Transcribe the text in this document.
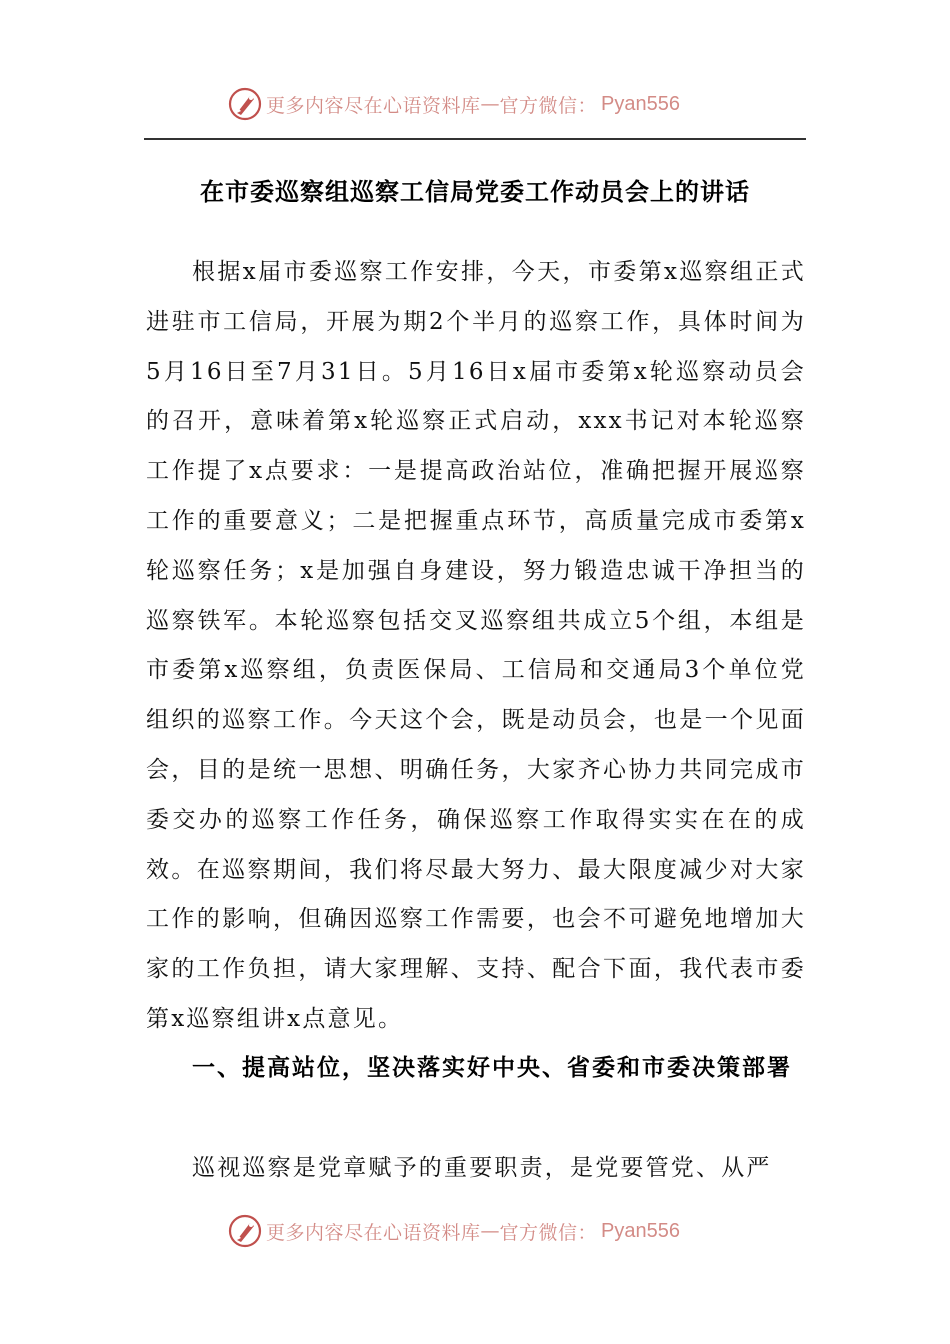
更多内容尽在心语资料库 — 官方微信： Pyan556
在市委巡察组巡察工信局党委工作动员会上的讲话

根据x届市委巡察工作安排，今天，市委第x巡察组正式进驻市工信局，开展为期2个半月的巡察工作，具体时间为5月16日至7月31日。5月16日x届市委第x轮巡察动员会的召开，意味着第x轮巡察正式启动，xxx书记对本轮巡察工作提了x点要求：一是提高政治站位，准确把握开展巡察工作的重要意义；二是把握重点环节，高质量完成市委第x轮巡察任务；x是加强自身建设，努力锻造忠诚干净担当的巡察铁军。本轮巡察包括交叉巡察组共成立5个组，本组是市委第x巡察组，负责医保局、工信局和交通局3个单位党组织的巡察工作。今天这个会，既是动员会，也是一个见面会，目的是统一思想、明确任务，大家齐心协力共同完成市委交办的巡察工作任务，确保巡察工作取得实实在在的成效。在巡察期间，我们将尽最大努力、最大限度减少对大家工作的影响，但确因巡察工作需要，也会不可避免地增加大家的工作负担，请大家理解、支持、配合下面，我代表市委第x巡察组讲x点意见。

一、提高站位，坚决落实好中央、省委和市委决策部署
巡视巡察是党章赋予的重要职责，是党要管党、从严
更多内容尽在心语资料库 — 官方微信： Pyan556
